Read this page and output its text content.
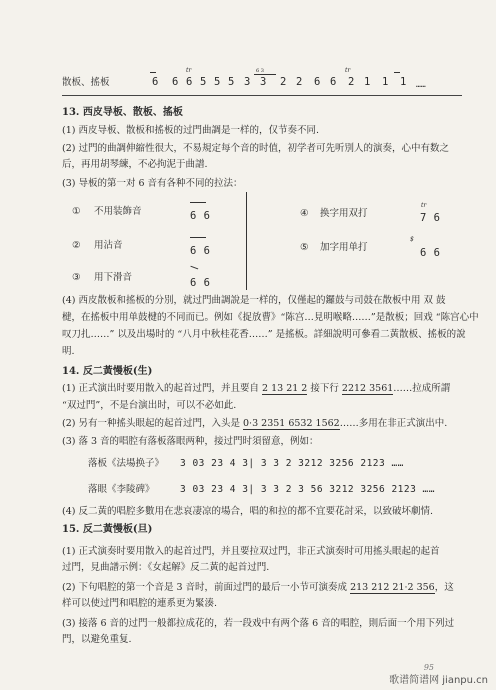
散板、搖板	6 6 6 5 5 5 3 3 2 2 6 6 2 1 1 1 ……
tr	tr
6 3
13. 西皮导板、散板、搖板
(1) 西皮导板、散板和搖板的过門曲調是一样的，仅节奏不同.
(2) 过門的曲調伸縮性很大，不易規定每个音的时值，初学者可先听別人的演奏，心中有数之
后，再用胡琴練，不必拘泥于曲譜.
(3) 导板的第一对 6 音有各种不同的拉法：
① 不用装飾音	6 6
② 用沾音	6 6
③ 用下滑音	6 6
④ 换字用双打	7 6
⑤ 加字用单打	6 6
tr
$
(4) 西皮散板和搖板的分別，就过門曲調說是一样的，仅僅起的鑼鼓与司鼓在散板中用 双 鼓
楗，在搖板中用单鼓楗的不同而已。例如《捉放曹》“陈宫…見明喉略……”是散板；回戏 “陈宫心中
叹刀扎……” 以及出場时的 “八月中秋桂花香……” 是搖板。詳細說明可參看二黃散板、搖板的說
明.
14. 反二黃慢板(生)
(1) 正式演出时要用散入的起首过門，并且要自 2 13 21 2 接下行 2212 3561……拉成所謂
“双过門”，不是台演出时，可以不必如此.
(2) 另有一种搖头眼起的起首过門，入头是 0·3 2351 6532 1562……多用在非正式演出中.
(3) 落 3 音的唱腔有落板落眼两种，接过門时須留意，例如：
落板《法場换子》 3 03 23 4 3| 3 3 2 3212 3256 2123 ……
落眼《李陵碑》	3 03 23 4 3| 3 3 2 3 56 3212 3256 2123 ……
(4) 反二黃的唱腔多數用在悲哀凄凉的場合，唱的和拉的都不宜要花討采，以致破坏劇情.
15. 反二黃慢板(旦)
(1) 正式演奏时要用散入的起首过門，并且要拉双过門，非正式演奏时可用搖头眼起的起首
过門，見曲譜示例：《女起解》反二黃的起首过門.
(2) 下句唱腔的第一个音是 3 音时，前面过門的最后一小节可演奏成 213 212 21·2 356，这
样可以使过門和唱腔的連系更为緊湊.
(3) 接落 6 音的过門一般都拉成花的，若一段戏中有两个落 6 音的唱腔，則后面一个用下列过
門，以避免重复.
95
歌谱简谱网 jianpu.cn
